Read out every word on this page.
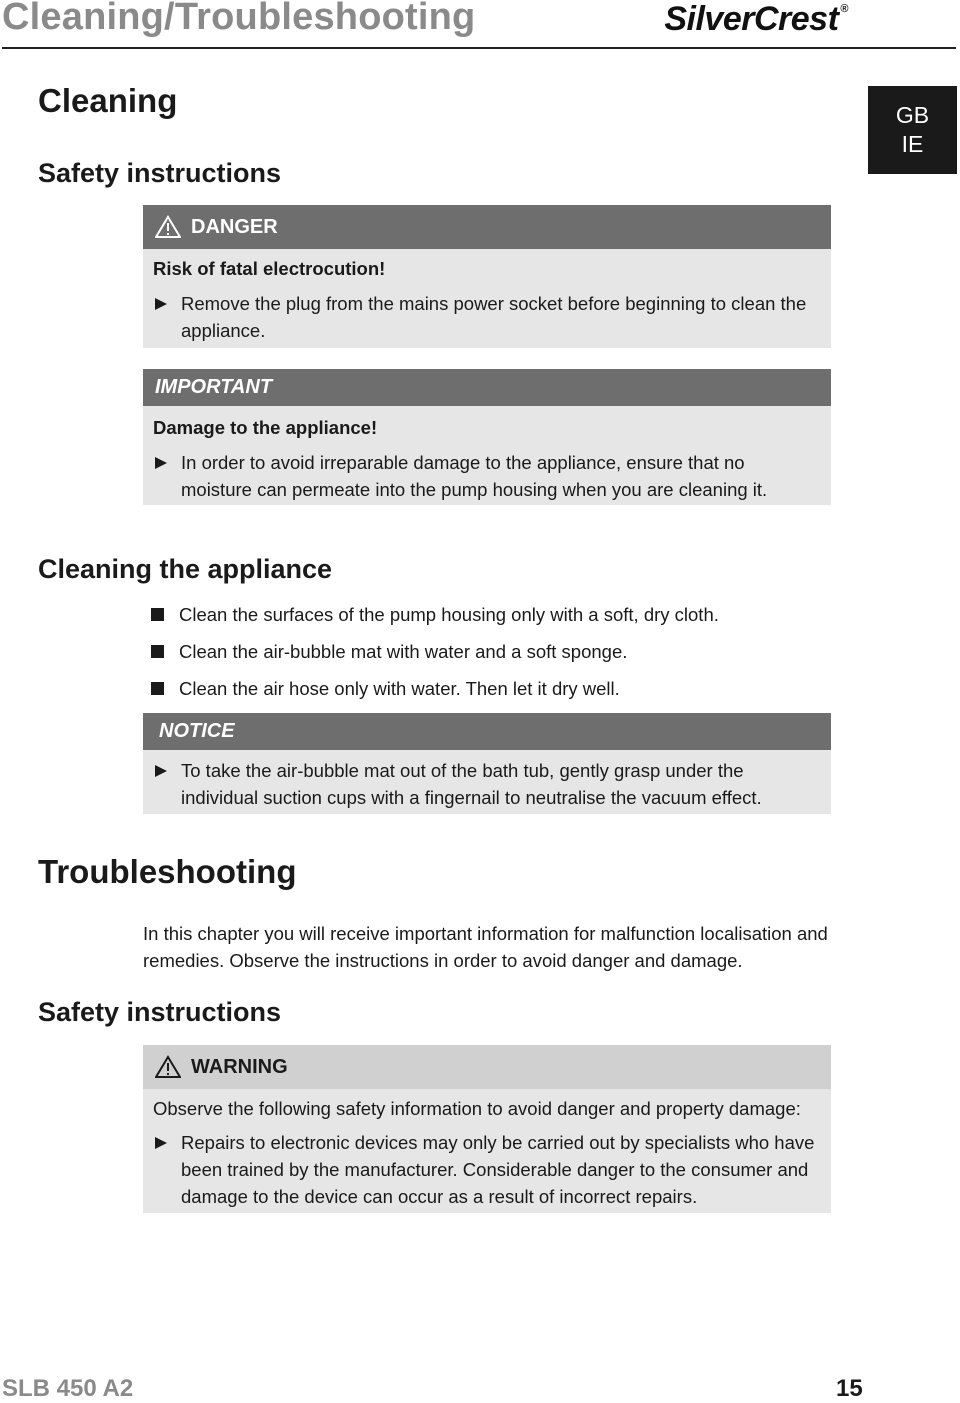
Cleaning/Troubleshooting	SilverCrest ®
GB
IE
Cleaning
Safety instructions
DANGER
Risk of fatal electrocution!
Remove the plug from the mains power socket before beginning to clean the appliance.
IMPORTANT
Damage to the appliance!
In order to avoid irreparable damage to the appliance, ensure that no moisture can permeate into the pump housing when you are cleaning it.
Cleaning the appliance
Clean the surfaces of the pump housing only with a soft, dry cloth.
Clean the air-bubble mat with water and a soft sponge.
Clean the air hose only with water. Then let it dry well.
NOTICE
To take the air-bubble mat out of the bath tub, gently grasp under the individual suction cups with a fingernail to neutralise the vacuum effect.
Troubleshooting
In this chapter you will receive important information for malfunction localisation and remedies. Observe the instructions in order to avoid danger and damage.
Safety instructions
WARNING
Observe the following safety information to avoid danger and property damage:
Repairs to electronic devices may only be carried out by specialists who have been trained by the manufacturer. Considerable danger to the consumer and damage to the device can occur as a result of incorrect repairs.
SLB 450 A2	15
